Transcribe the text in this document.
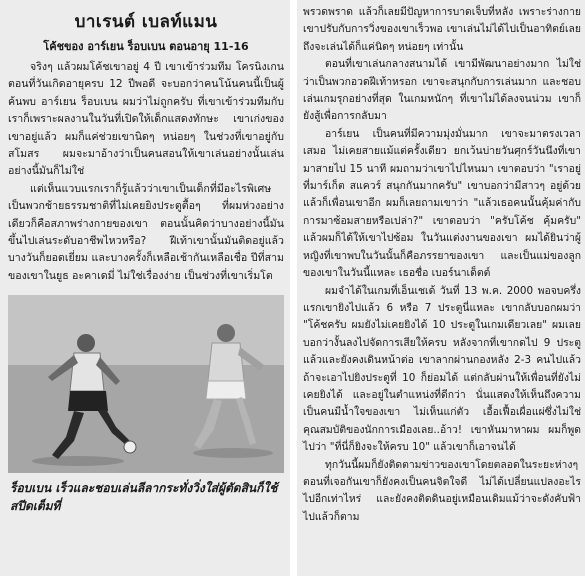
บาเรนต์ เบลท์แมน
โค้ชของ อาร์เยน ร็อบเบน ตอนอายุ 11-16

จริงๆ แล้วผมโค้ชเขาอยู่ 4 ปี เขาเข้าร่วมทีม โครนิงเกน ตอนที่วันเกิดอายุครบ 12 ปีพอดี จะบอกว่าคนโน้นคนนี้เป็นผู้ค้นพบ อาร์เยน ร็อบเบน ผมว่าไม่ถูกครับ ที่เขาเข้าร่วมทีมกับเราก็เพราะผลงานในวันที่เปิดให้เด็กแสดงทักษะ เขาเก่งของเขาอยู่แล้ว ผมก็แค่ช่วยเขานิดๆ หน่อยๆ ในช่วงที่เขาอยู่กับสโมสร ผมจะมาอ้างว่าเป็นคนสอนให้เขาเล่นอย่างนั้นเล่นอย่างนี้มันก็ไม่ใช่

แต่เห็นแวบแรกเราก็รู้แล้วว่าเขาเป็นเด็กที่มีอะไรพิเศษ เป็นพวกช้ายธรรมชาติที่ไม่เคยยิงประตูตื้อๆ ที่ผมห่วงอย่างเดียวก็คือสภาพร่างกายของเขา ตอนนั้นคิดว่าบางอย่างนี้มันขึ้นไปเล่นระดับอาชีพไหวหรือ? ฝีเท้าเขานั้นมันติดอยู่แล้ว บางวันก็ยอดเยี่ยม และบางครั้งก็เหลือเช้ากันเหลือเชื่อ ปีที่สามของเขาในยูธ อะคาเดมี่ ไม่ใช่เรื่องง่าย เป็นช่วงที่เขาเริ่มโต

ร็อบเบน เร็วและชอบเล่นลีลากระทั่งวิ่งใส่ผู้ตัดสินก็ใช้สปีดเต็มที่

พรวดพราด แล้วก็เลยมีปัญหาการบาดเจ็บที่หลัง เพราะร่างกายเขาปรับกับการวิ่งของเขาเร็วพอ เขาเล่นไม่ได้ไปเป็นอาทิตย์เลย ถึงจะเล่นได้ก็แค่นิดๆ หน่อยๆ เท่านั้น

ตอนที่เขาเล่นกลางสนามได้ เขามีพัฒนาอย่างมาก ไม่ใช่ว่าเป็นพวกอวดฝีเท้าหรอก เขาจะสนุกกับการเล่นมาก และชอบเล่นเกมรุกอย่างที่สุด ในเกมหนักๆ ที่เขาไม่ได้ลงจนน่วม เขาก็ยังสู้เพื่อการกลับมา

อาร์เยน เป็นคนที่มีความมุ่งมั่นมาก เขาจะมาตรงเวลาเสมอ ไม่เคยสายแม้แต่ครั้งเดียว ยกเว้นบ่ายวันศุกร์วันนึงที่เขามาสายไป 15 นาที ผมถามว่าเขาไปไหนมา เขาตอบว่า "เราอยู่ที่มาร์เก็ต สแควร์ สนุกกันมากครับ" เขาบอกว่ามีสาวๆ อยู่ด้วยแล้วก็เพื่อนเขาอีก ผมก็เลยถามเขาว่า "แล้วเธอคนนั้นคุ้มค่ากับการมาซ้อมสายหรือเปล่า?" เขาตอบว่า "ครับโค้ช คุ้มครับ" แล้วผมก็ได้ให้เขาไปซ้อม ในวันแต่งงานของเขา ผมได้ยินว่าผู้หญิงที่เขาพบในวันนั้นก็คือภรรยาของเขา และเป็นแม่ของลูกของเขาในวันนี้แหละ เธอชื่อ เบอร์นาเด็ตต์

ผมจำได้ในเกมที่เอ็นเชเด้ วันที่ 13 พ.ค. 2000 พอจบครึ่งแรกเขายิงไปแล้ว 6 หรือ 7 ประตูนี่แหละ เขากลับบอกผมว่า "โค้ชครับ ผมยังไม่เคยยิงได้ 10 ประตูในเกมเดียวเลย" ผมเลยบอกว่างั้นลงไปจัดการเสียให้ครบ หลังจากที่เขากดไป 9 ประตูแล้วและยังคงเดินหน้าต่อ เขาลากผ่านกองหลัง 2-3 คนไปแล้วถ้าจะเอาไปยิงประตูที่ 10 ก็ย่อมได้ แต่กลับผ่านให้เพื่อนที่ยังไม่เคยยิงได้ และอยู่ในตำแหน่งที่ดีกว่า นั่นแสดงให้เห็นถึงความเป็นคนมีน้ำใจของเขา ไม่เห็นแก่ตัว เอื้อเฟื้อเผื่อแผ่ซึ่งไม่ใช่คุณสมบัติของนักการเมืองเลย..อ้าว! เขาหันมาหาผม ผมก็พูดไปว่า "ที่นี่ก็ยิงจะให้ครบ 10" แล้วเขาก็เอาจนได้

ทุกวันนี้ผมก็ยังติดตามข่าวของเขาโดยตลอดในระยะห่างๆ ตอนที่เจอกันเขาก็ยังคงเป็นคนจิตใจดี ไม่ได้เปลี่ยนแปลงอะไรไปอีกเท่าไหร่ และยังคงติดดินอยู่เหมือนเดิมแม้ว่าจะดังคับฟ้าไปแล้วก็ตาม
